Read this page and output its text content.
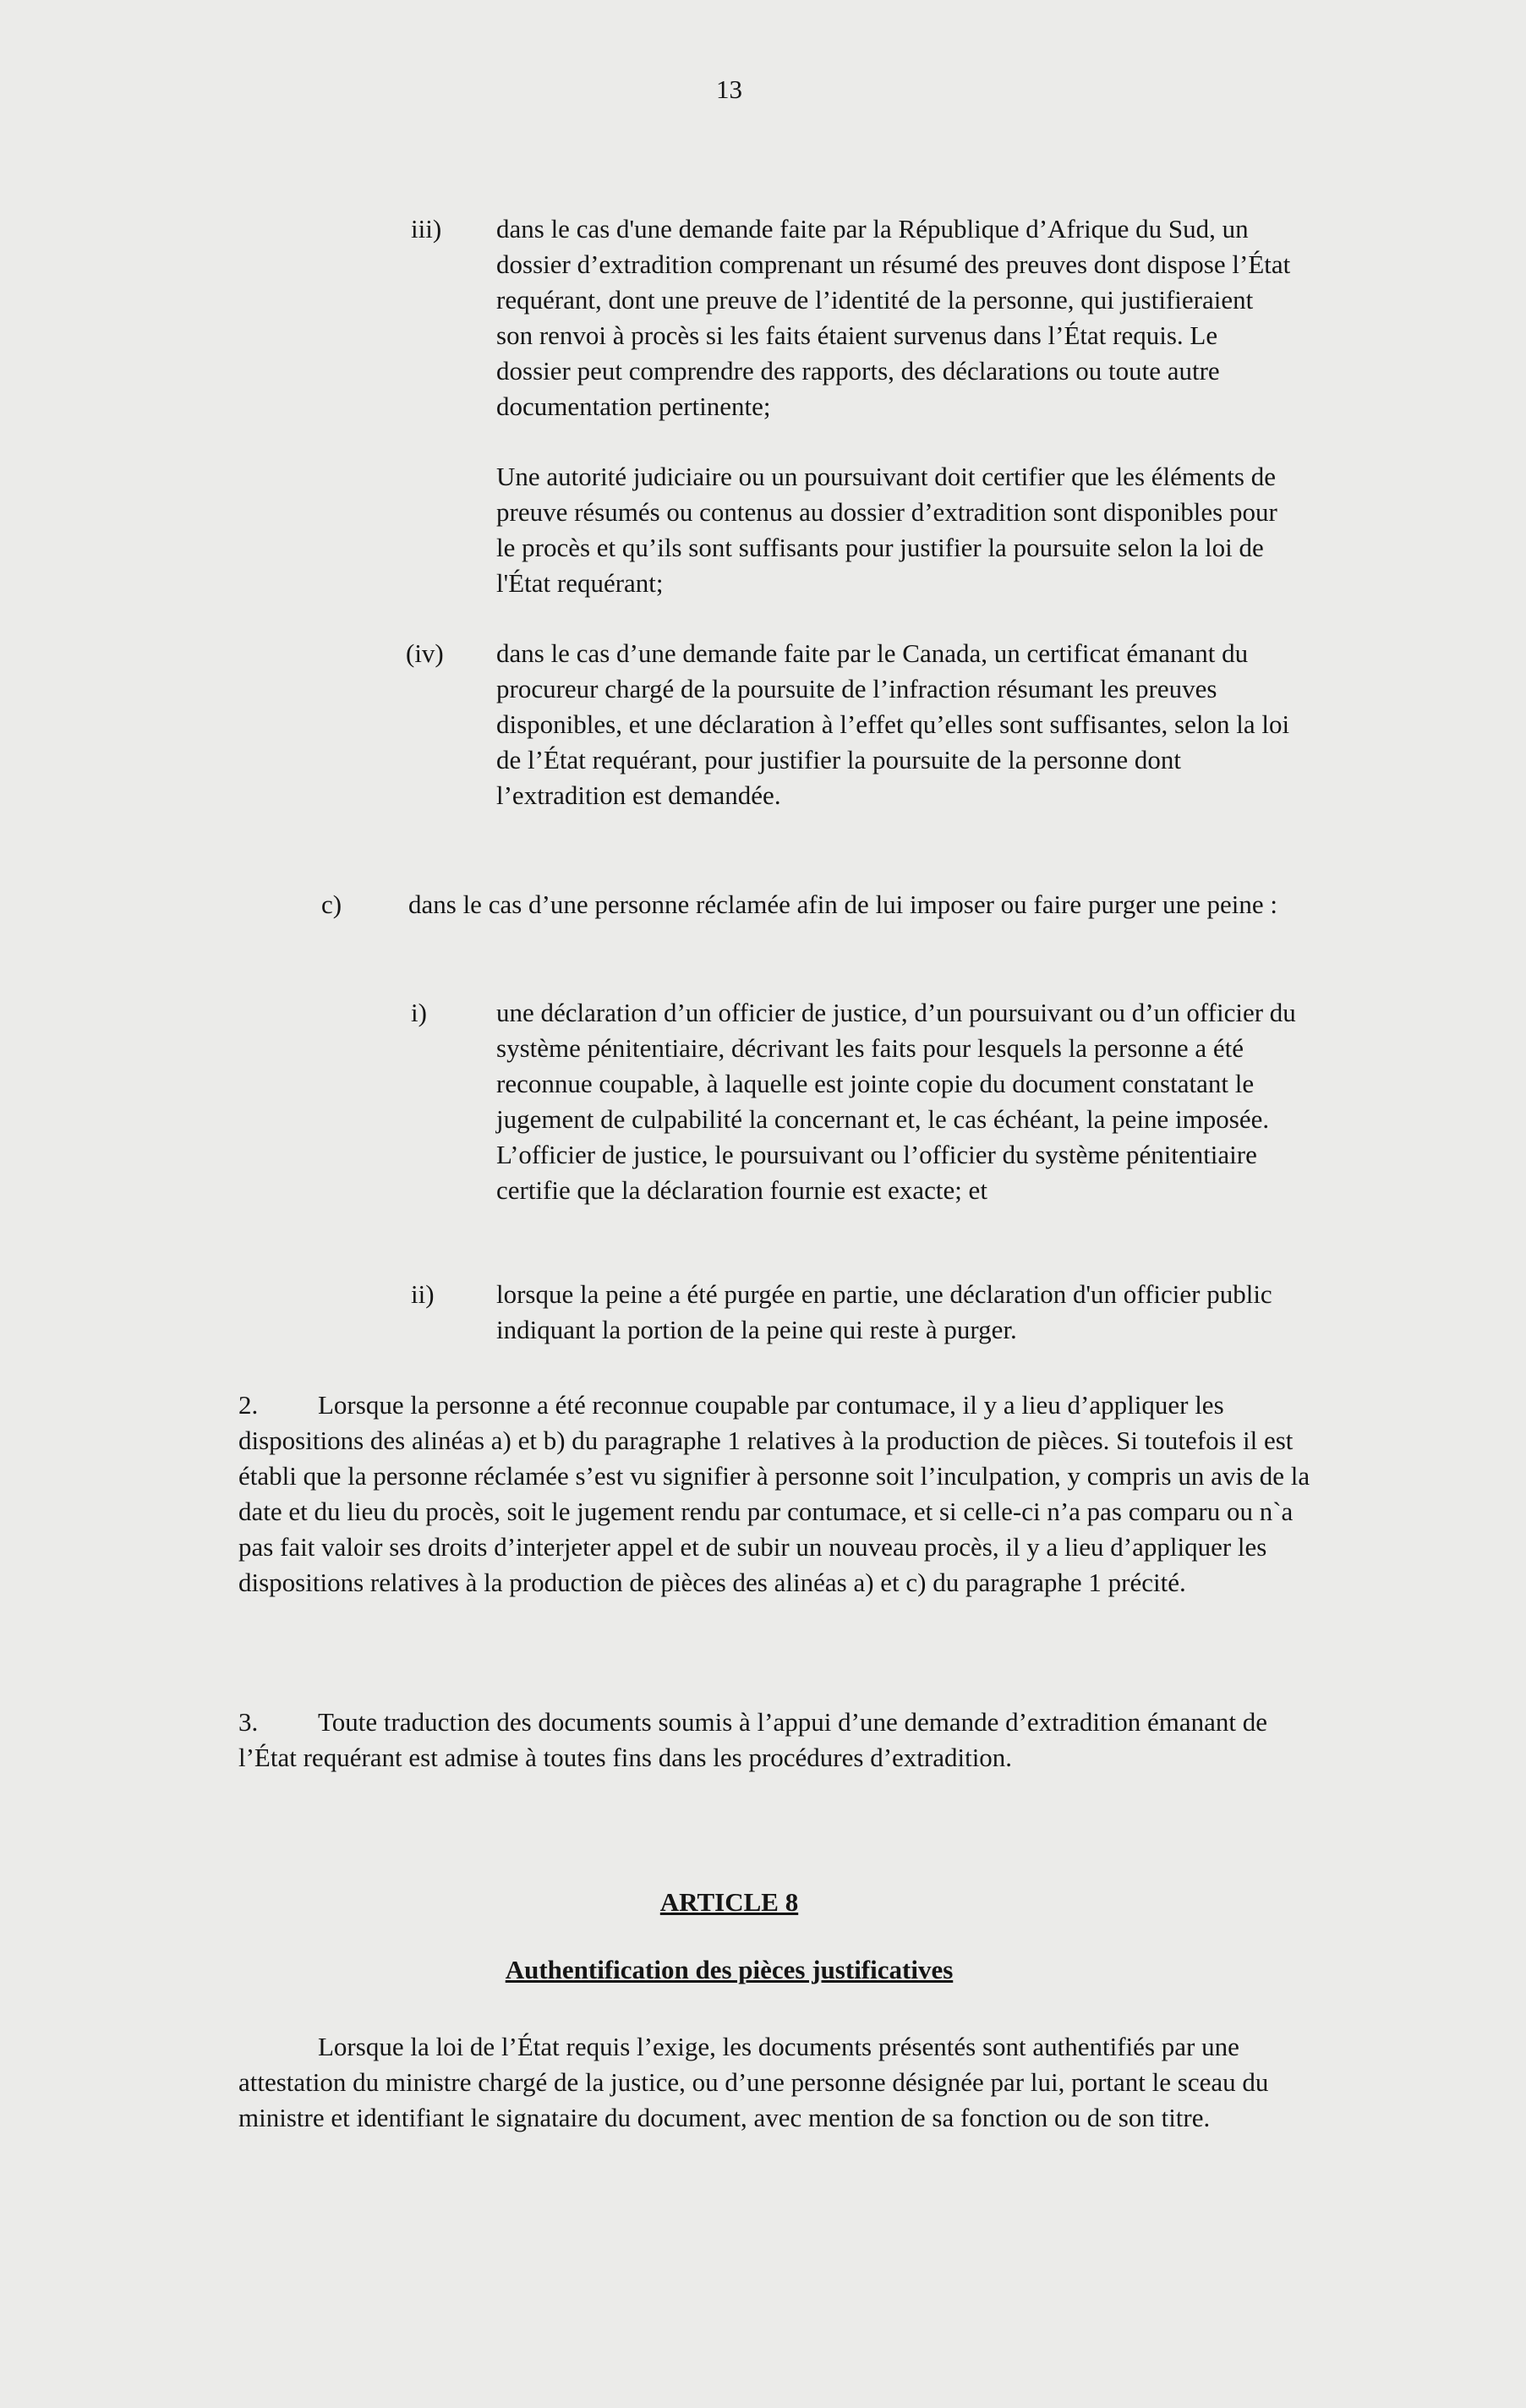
13
iii) dans le cas d'une demande faite par la République d’Afrique du Sud, un dossier d’extradition comprenant un résumé des preuves dont dispose l’État requérant, dont une preuve de l’identité de la personne, qui justifieraient son renvoi à procès si les faits étaient survenus dans l’État requis. Le dossier peut comprendre des rapports, des déclarations ou toute autre documentation pertinente;

Une autorité judiciaire ou un poursuivant doit certifier que les éléments de preuve résumés ou contenus au dossier d’extradition sont disponibles pour le procès et qu’ils sont suffisants pour justifier la poursuite selon la loi de l'État requérant;

(iv) dans le cas d’une demande faite par le Canada, un certificat émanant du procureur chargé de la poursuite de l’infraction résumant les preuves disponibles, et une déclaration à l’effet qu’elles sont suffisantes, selon la loi de l’État requérant, pour justifier la poursuite de la personne dont l’extradition est demandée.

c)	dans le cas d’une personne réclamée afin de lui imposer ou faire purger une peine :

i)	une déclaration d’un officier de justice, d’un poursuivant ou d’un officier du système pénitentiaire, décrivant les faits pour lesquels la personne a été reconnue coupable, à laquelle est jointe copie du document constatant le jugement de culpabilité la concernant et, le cas échéant, la peine imposée. L’officier de justice, le poursuivant ou l’officier du système pénitentiaire certifie que la déclaration fournie est exacte; et

ii) lorsque la peine a été purgée en partie, une déclaration d'un officier public indiquant la portion de la peine qui reste à purger.

2. Lorsque la personne a été reconnue coupable par contumace, il y a lieu d’appliquer les dispositions des alinéas a) et b) du paragraphe 1 relatives à la production de pièces. Si toutefois il est établi que la personne réclamée s’est vu signifier à personne soit l’inculpation, y compris un avis de la date et du lieu du procès, soit le jugement rendu par contumace, et si celle-ci n’a pas comparu ou n`a pas fait valoir ses droits d’interjeter appel et de subir un nouveau procès, il y a lieu d’appliquer les dispositions relatives à la production de pièces des alinéas a) et c) du paragraphe 1 précité.

3. Toute traduction des documents soumis à l’appui d’une demande d’extradition émanant de l’État requérant est admise à toutes fins dans les procédures d’extradition.

ARTICLE 8
Authentification des pièces justificatives

Lorsque la loi de l’État requis l’exige, les documents présentés sont authentifiés par une attestation du ministre chargé de la justice, ou d’une personne désignée par lui, portant le sceau du ministre et identifiant le signataire du document, avec mention de sa fonction ou de son titre.
